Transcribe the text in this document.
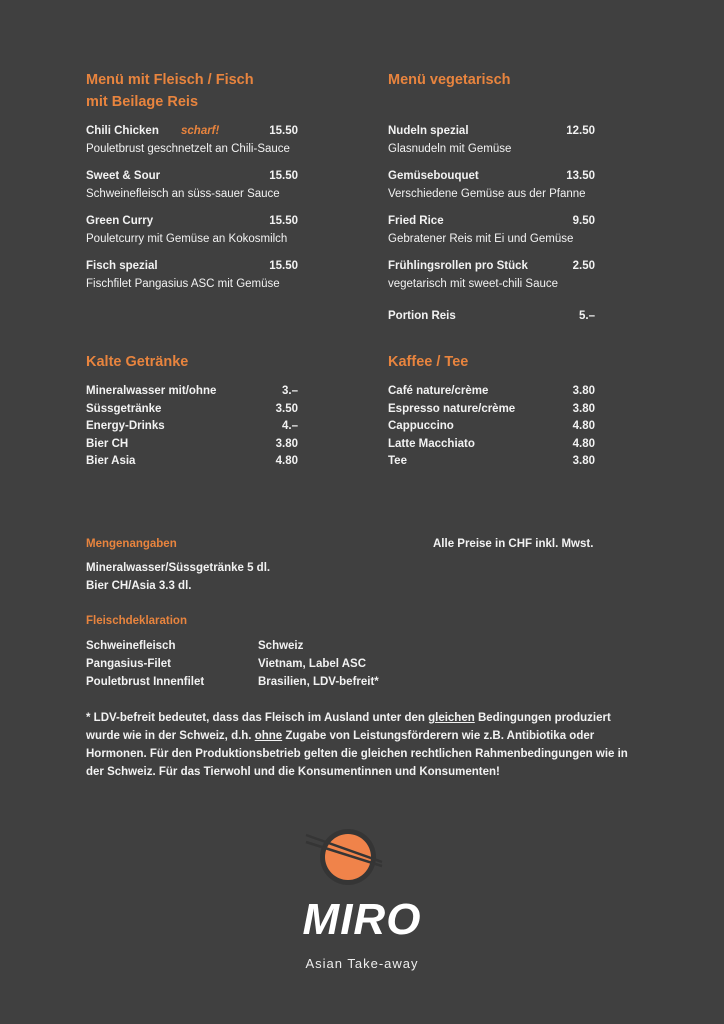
Menü mit Fleisch / Fisch
mit Beilage Reis
scharf!
Menü vegetarisch
Kalte Getränke	Kaffee / Tee
Mengenangaben	Alle Preise in CHF inkl. Mwst.
Mineralwasser/Süssgetränke 5 dl.
Bier CH/Asia 3.3 dl.
Fleischdeklaration
* LDV-befreit bedeutet, dass das Fleisch im Ausland unter den gleichen Bedingungen produziert wurde wie in der Schweiz, d.h. ohne Zugabe von Leistungsförderern wie z.B. Antibiotika oder Hormonen. Für den Produktionsbetrieb gelten die gleichen rechtlichen Rahmenbedingungen wie in der Schweiz. Für das Tierwohl und die Konsumentinnen und Konsumenten!
MIRO
Asian Take-away
Chili Chicken	15.50
Pouletbrust geschnetzelt an Chili-Sauce
Sweet & Sour	15.50
Schweinefleisch an süss-sauer Sauce
Green Curry	15.50
Pouletcurry mit Gemüse an Kokosmilch
Fisch spezial	15.50
Fischfilet Pangasius ASC mit Gemüse
Nudeln spezial	12.50
Glasnudeln mit Gemüse
Gemüsebouquet	13.50
Verschiedene Gemüse aus der Pfanne
Fried Rice	9.50
Gebratener Reis mit Ei und Gemüse
Frühlingsrollen pro Stück	2.50
vegetarisch mit sweet-chili Sauce
Portion Reis	5.–
Mineralwasser mit/ohne	3.–
Süssgetränke	3.50
Energy-Drinks	4.–
Bier CH	3.80
Bier Asia	4.80
Café nature/crème	3.80
Espresso nature/crème	3.80
Cappuccino	4.80
Latte Macchiato	4.80
Tee	3.80
Schweinefleisch	Schweiz
Pangasius-Filet	Vietnam, Label ASC
Pouletbrust Innenfilet	Brasilien, LDV-befreit*
